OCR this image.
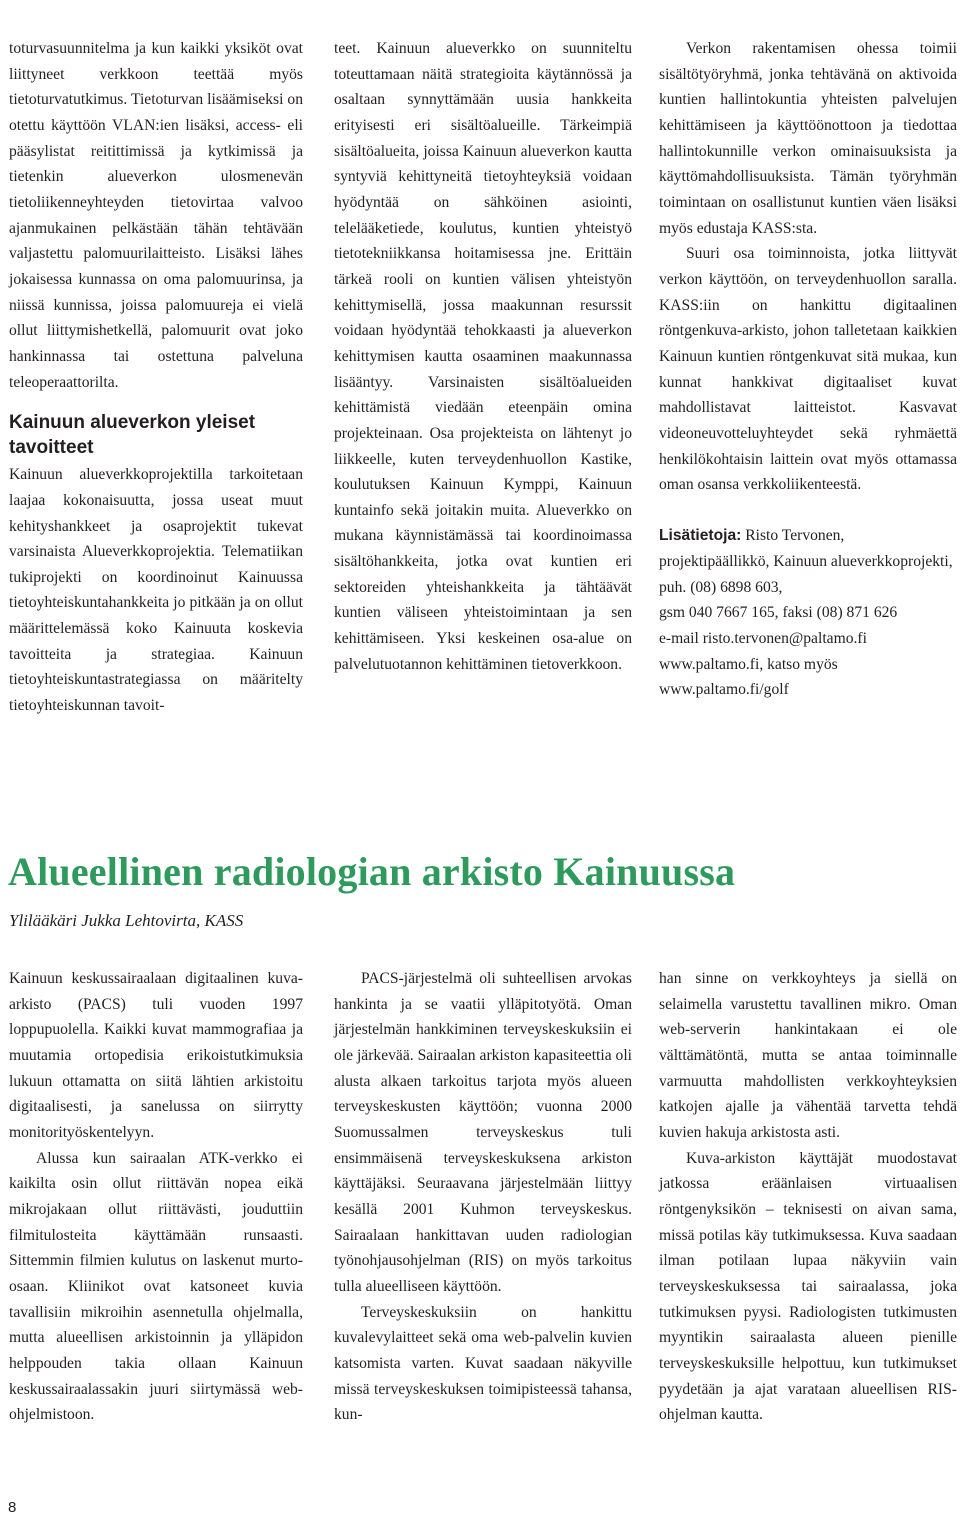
toturvasuunnitelma ja kun kaikki yksiköt ovat liittyneet verkkoon teettää myös tietoturvatutkimus. Tietoturvan lisäämiseksi on otettu käyttöön VLAN:ien lisäksi, access- eli pääsylistat reitittimissä ja kytkimissä ja tietenkin alueverkon ulosmenevän tietoliikenneyhteyden tietovirtaa valvoo ajanmukainen pelkästään tähän tehtävään valjastettu palomuurilaitteisto. Lisäksi lähes jokaisessa kunnassa on oma palomuurinsa, ja niissä kunnissa, joissa palomuureja ei vielä ollut liittymishetkellä, palomuurit ovat joko hankinnassa tai ostettuna palveluna teleoperaattorilta.

Kainuun alueverkon yleiset tavoitteet

Kainuun alueverkkoprojektilla tarkoitetaan laajaa kokonaisuutta, jossa useat muut kehityshankkeet ja osaprojektit tukevat varsinaista Alueverkkoprojektia. Telematiikan tukiprojekti on koordinoinut Kainuussa tietoyhteiskuntahankkeita jo pitkään ja on ollut määrittelemässä koko Kainuuta koskevia tavoitteita ja strategiaa. Kainuun tietoyhteiskuntastrategiassa on määritelty tietoyhteiskunnan tavoit-

teet. Kainuun alueverkko on suunniteltu toteuttamaan näitä strategioita käytännössä ja osaltaan synnyttämään uusia hankkeita erityisesti eri sisältöalueille. Tärkeimpiä sisältöalueita, joissa Kainuun alueverkon kautta syntyviä kehittyneitä tietoyhteyksiä voidaan hyödyntää on sähköinen asiointi, telelääketiede, koulutus, kuntien yhteistyö tietotekniikkansa hoitamisessa jne. Erittäin tärkeä rooli on kuntien välisen yhteistyön kehittymisellä, jossa maakunnan resurssit voidaan hyödyntää tehokkaasti ja alueverkon kehittymisen kautta osaaminen maakunnassa lisääntyy. Varsinaisten sisältöalueiden kehittämistä viedään eteenpäin omina projekteinaan. Osa projekteista on lähtenyt jo liikkeelle, kuten terveydenhuollon Kastike, koulutuksen Kainuun Kymppi, Kainuun kuntainfo sekä joitakin muita. Alueverkko on mukana käynnistämässä tai koordinoimassa sisältöhankkeita, jotka ovat kuntien eri sektoreiden yhteishankkeita ja tähtäävät kuntien väliseen yhteistoimintaan ja sen kehittämiseen. Yksi keskeinen osa-alue on palvelutuotannon kehittäminen tietoverkkoon.

Verkon rakentamisen ohessa toimii sisältötyöryhmä, jonka tehtävänä on aktivoida kuntien hallintokuntia yhteisten palvelujen kehittämiseen ja käyttöönottoon ja tiedottaa hallintokunnille verkon ominaisuuksista ja käyttömahdollisuuksista. Tämän työryhmän toimintaan on osallistunut kuntien väen lisäksi myös edustaja KASS:sta.

Suuri osa toiminnoista, jotka liittyvät verkon käyttöön, on terveydenhuollon saralla. KASS:iin on hankittu digitaalinen röntgenkuva-arkisto, johon talletetaan kaikkien Kainuun kuntien röntgenkuvat sitä mukaa, kun kunnat hankkivat digitaaliset kuvat mahdollistavat laitteistot. Kasvavat videoneuvotteluyhteydet sekä ryhmäettä henkilökohtaisin laittein ovat myös ottamassa oman osansa verkkoliikenteestä.

Lisätietoja: Risto Tervonen, projektipäällikkö, Kainuun alueverkkoprojekti, puh. (08) 6898 603,

gsm 040 7667 165, faksi (08) 871 626

e-mail risto.tervonen@paltamo.fi

www.paltamo.fi, katso myös

www.paltamo.fi/golf

Alueellinen radiologian arkisto Kainuussa

Ylilääkäri Jukka Lehtovirta, KASS

Kainuun keskussairaalaan digitaalinen kuva-arkisto (PACS) tuli vuoden 1997 loppupuolella. Kaikki kuvat mammografiaa ja muutamia ortopedisia erikoistutkimuksia lukuun ottamatta on siitä lähtien arkistoitu digitaalisesti, ja sanelussa on siirrytty monitorityöskentelyyn.

Alussa kun sairaalan ATK-verkko ei kaikilta osin ollut riittävän nopea eikä mikrojakaan ollut riittävästi, jouduttiin filmitulosteita käyttämään runsaasti. Sittemmin filmien kulutus on laskenut murto-osaan. Kliinikot ovat katsoneet kuvia tavallisiin mikroihin asennetulla ohjelmalla, mutta alueellisen arkistoinnin ja ylläpidon helppouden takia ollaan Kainuun keskussairaalassakin juuri siirtymässä web-ohjelmistoon.

PACS-järjestelmä oli suhteellisen arvokas hankinta ja se vaatii ylläpitotyötä. Oman järjestelmän hankkiminen terveyskeskuksiin ei ole järkevää. Sairaalan arkiston kapasiteettia oli alusta alkaen tarkoitus tarjota myös alueen terveyskeskusten käyttöön; vuonna 2000 Suomussalmen terveyskeskus tuli ensimmäisenä terveyskeskuksena arkiston käyttäjäksi. Seuraavana järjestelmään liittyy kesällä 2001 Kuhmon terveyskeskus. Sairaalaan hankittavan uuden radiologian työnohjausohjelman (RIS) on myös tarkoitus tulla alueelliseen käyttöön.

Terveyskeskuksiin on hankittu kuvalevylaitteet sekä oma web-palvelin kuvien katsomista varten. Kuvat saadaan näkyville missä terveyskeskuksen toimipisteessä tahansa, kun-

han sinne on verkkoyhteys ja siellä on selaimella varustettu tavallinen mikro. Oman web-serverin hankintakaan ei ole välttämätöntä, mutta se antaa toiminnalle varmuutta mahdollisten verkkoyhteyksien katkojen ajalle ja vähentää tarvetta tehdä kuvien hakuja arkistosta asti.

Kuva-arkiston käyttäjät muodostavat jatkossa eräänlaisen virtuaalisen röntgenyksikön – teknisesti on aivan sama, missä potilas käy tutkimuksessa. Kuva saadaan ilman potilaan lupaa näkyviin vain terveyskeskuksessa tai sairaalassa, joka tutkimuksen pyysi. Radiologisten tutkimusten myyntikin sairaalasta alueen pienille terveyskeskuksille helpottuu, kun tutkimukset pyydetään ja ajat varataan alueellisen RIS-ohjelman kautta.

8
